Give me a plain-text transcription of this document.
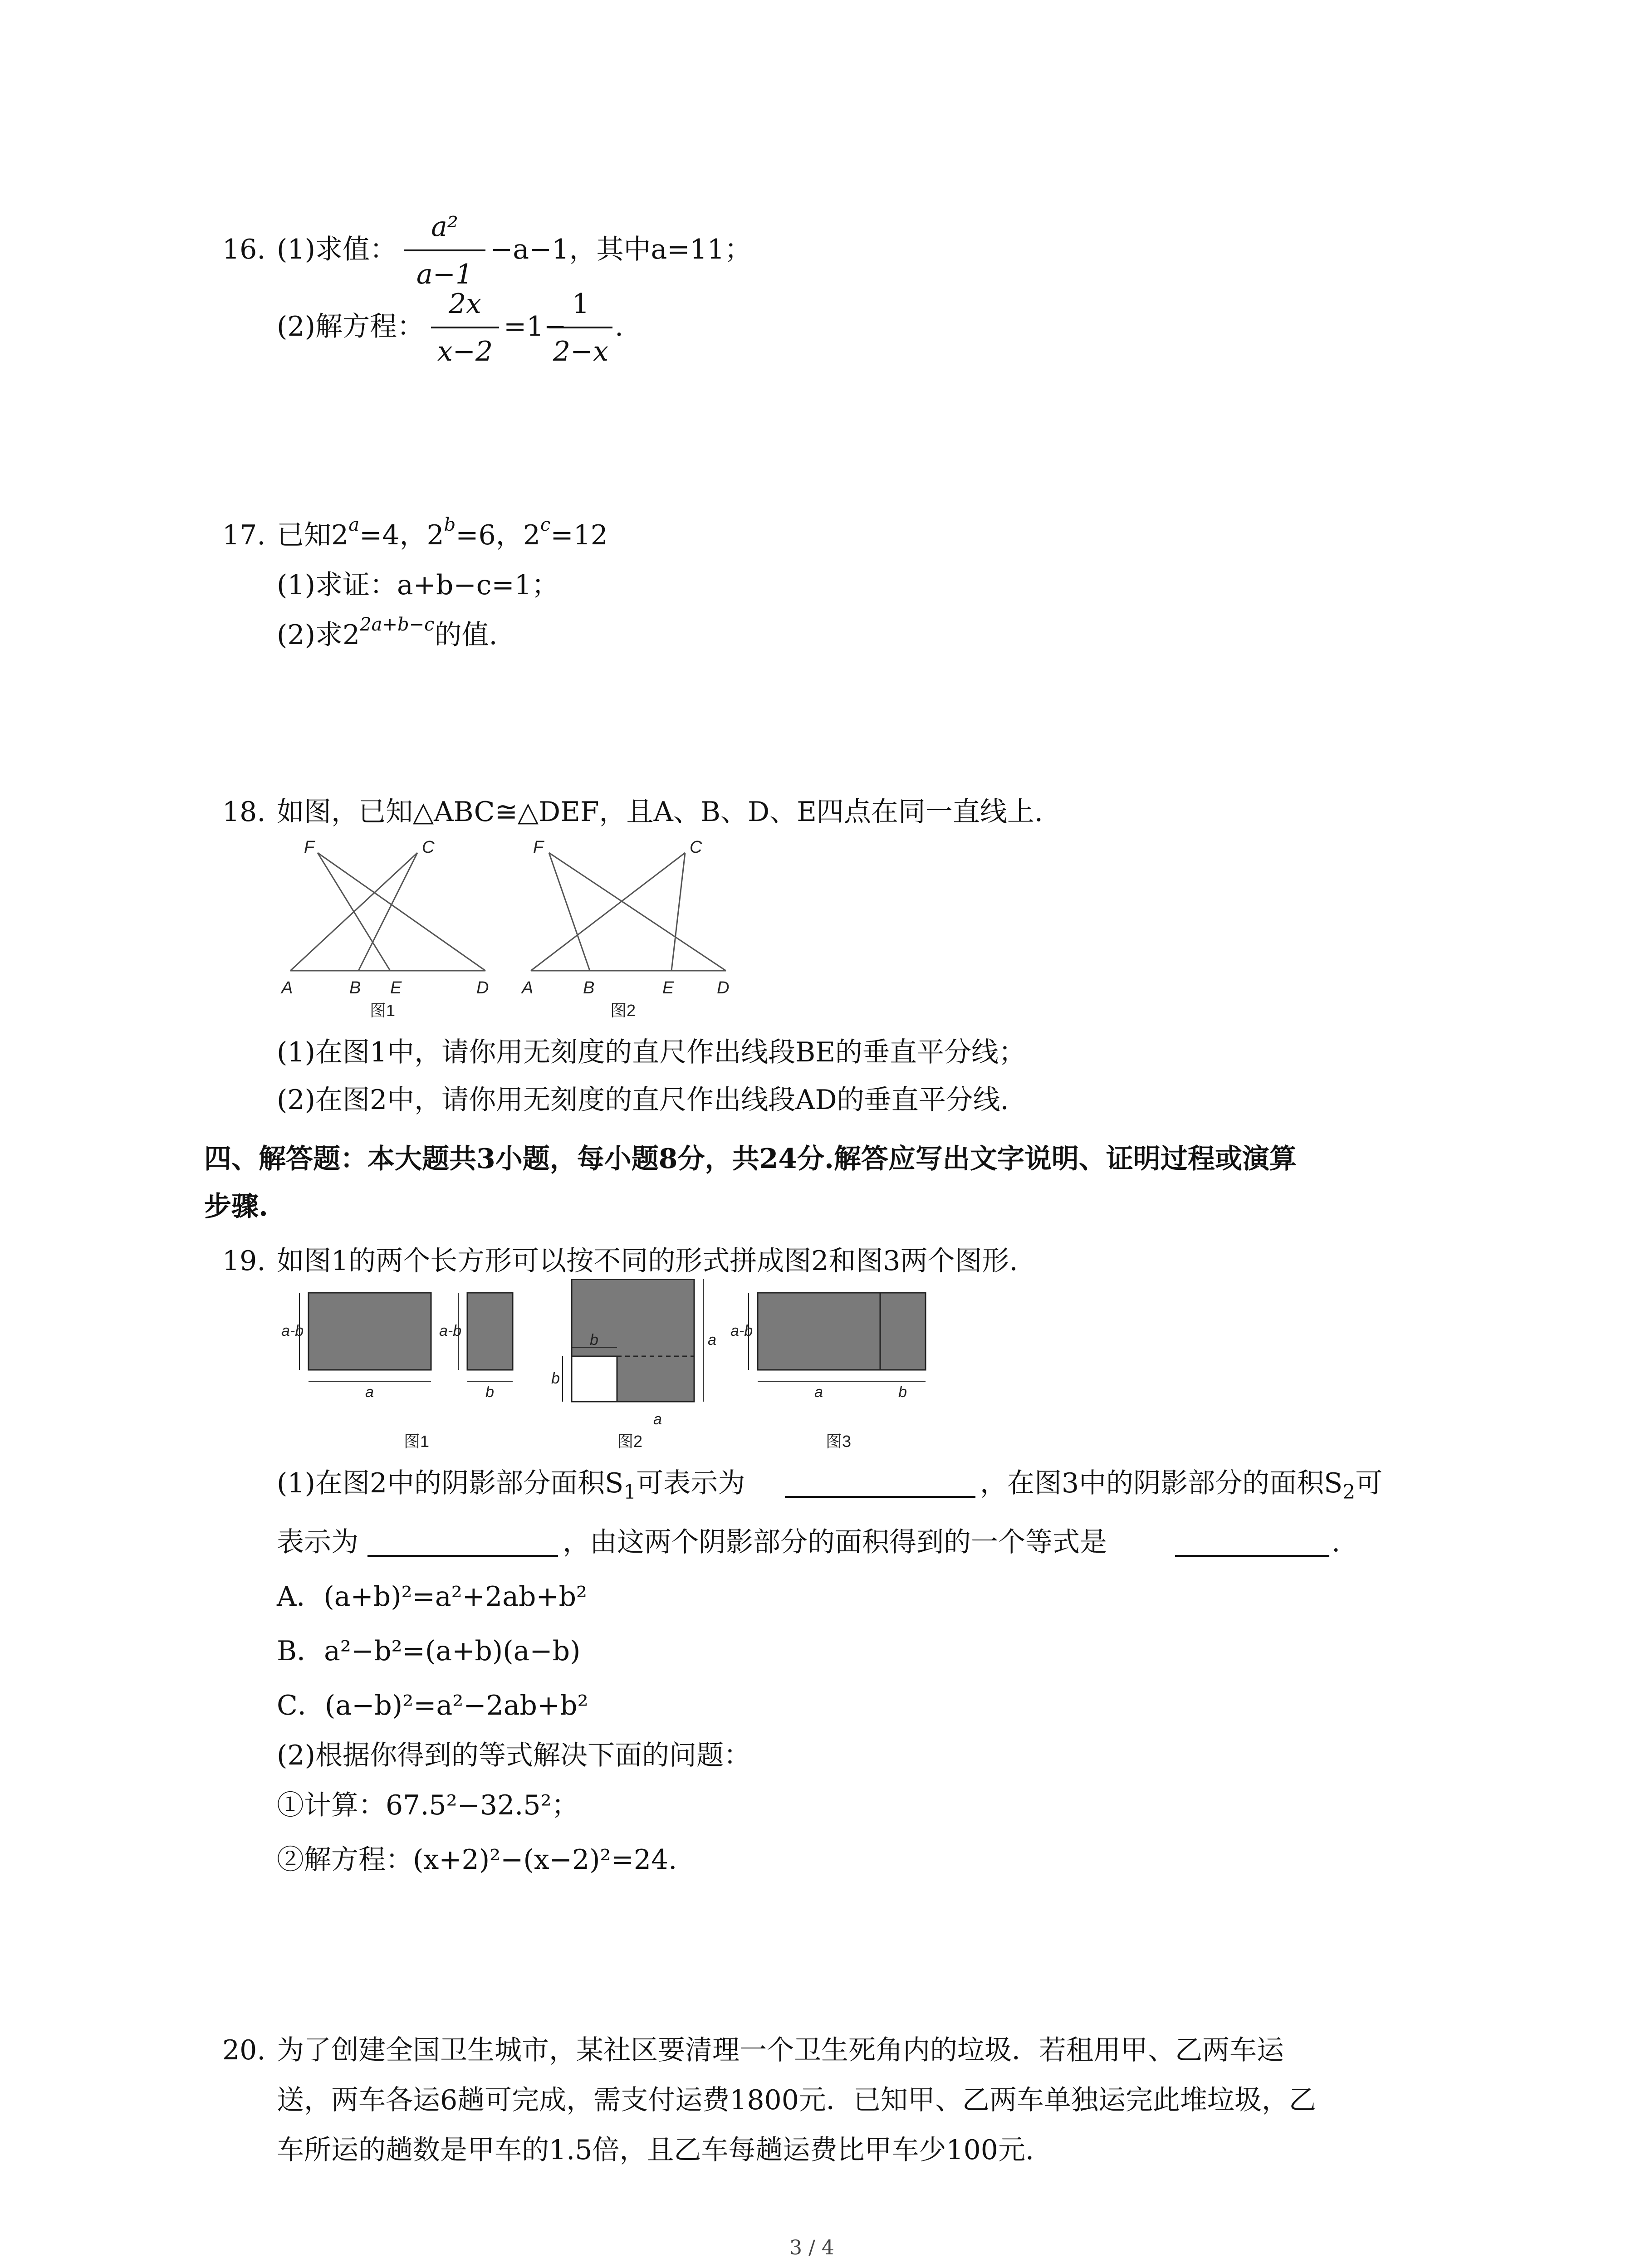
16. (1)求值：
a²
a−1
−a−1，其中a=11；
(2)解方程：
2x
x−2
=1−
1
2−x
.
17. 已知$2^a=4$，$2^b=6$，$2^c=12$
(1)求证：a+b−c=1；
(2)求$2^{2a+b-c}$的值.
18. 如图，已知△ABC≅△DEF，且A、B、D、E四点在同一直线上.
F	C
A	B E	D
图1
F	C
A	B	E D
图2
(1)在图1中，请你用无刻度的直尺作出线段BE的垂直平分线；
(2)在图2中，请你用无刻度的直尺作出线段AD的垂直平分线.
四、解答题：本大题共3小题，每小题8分，共24分.解答应写出文字说明、证明过程或演算
步骤.
19. 如图1的两个长方形可以按不同的形式拼成图2和图3两个图形.
a-b
a
a-b
b
b
b	a
a
a-b
a	b
图1	图2	图3
(1)在图2中的阴影部分面积$S_1$可表示为	，在图3中的阴影部分的面积$S_2$可
表示为	，由这两个阴影部分的面积得到的一个等式是	.
A．(a+b)²=a²+2ab+b²
B．a²−b²=(a+b)(a−b)
C．(a−b)²=a²−2ab+b²
(2)根据你得到的等式解决下面的问题：
①计算：67.5²−32.5²；
②解方程：(x+2)²−(x−2)²=24.
20. 为了创建全国卫生城市，某社区要清理一个卫生死角内的垃圾．若租用甲、乙两车运
送，两车各运6趟可完成，需支付运费1800元．已知甲、乙两车单独运完此堆垃圾，乙
车所运的趟数是甲车的1.5倍，且乙车每趟运费比甲车少100元.
3 / 4
